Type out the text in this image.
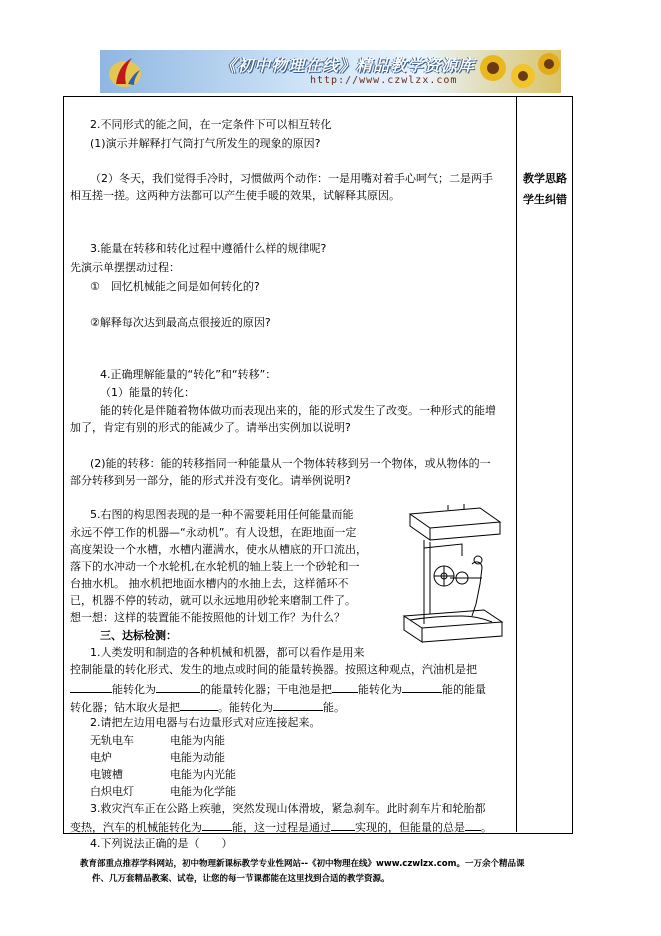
《初中物理在线》精品教学资源库
http://www.czwlzx.com
教学思路
学生纠错
2.不同形式的能之间，在一定条件下可以相互转化
(1)演示并解释打气筒打气所发生的现象的原因?
（2）冬天，我们觉得手冷时，习惯做两个动作：一是用嘴对着手心呵气；二是两手
相互搓一搓。这两种方法都可以产生使手暖的效果，试解释其原因。
3.能量在转移和转化过程中遵循什么样的规律呢?
先演示单摆摆动过程：
①　回忆机械能之间是如何转化的?
②解释每次达到最高点很接近的原因?
4.正确理解能量的“转化”和“转移”：
（1）能量的转化：
能的转化是伴随着物体做功而表现出来的，能的形式发生了改变。一种形式的能增
加了，肯定有别的形式的能减少了。请举出实例加以说明?
(2)能的转移：能的转移指同一种能量从一个物体转移到另一个物体，或从物体的一
部分转移到另一部分，能的形式并没有变化。请举例说明?
5.右图的构思图表现的是一种不需要耗用任何能量而能
永远不停工作的机器—“永动机”。有人设想，在距地面一定
高度架设一个水槽，水槽内灌满水，使水从槽底的开口流出，
落下的水冲动一个水轮机,在水轮机的轴上装上一个砂轮和一
台抽水机。 抽水机把地面水槽内的水抽上去，这样循环不
已，机器不停的转动，就可以永远地用砂轮来磨制工件了。
想一想：这样的装置能不能按照他的计划工作？为什么？
三、达标检测：
1.人类发明和制造的各种机械和机器，都可以看作是用来
控制能量的转化形式、发生的地点或时间的能量转换器。按照这种观点，汽油机是把
能转化为	的能量转化器；干电池是把 能转化为	能的能量
转化器；钻木取火是把	。能转化为	能。
2.请把左边用电器与右边量形式对应连接起来。
无轨电车	电能为内能
电炉	电能为动能
电镀槽	电能为内光能
白炽电灯	电能为化学能
3.救灾汽车正在公路上疾驰，突然发现山体滑坡，紧急刹车。此时刹车片和轮胎都
变热，汽车的机械能转化为	能，这一过程是通过 实现的，但能量的总是 。
4.下列说法正确的是（　　）
教育部重点推荐学科网站，初中物理新课标教学专业性网站--《初中物理在线》www.czwlzx.com。一万余个精品课
件、几万套精品教案、试卷，让您的每一节课都能在这里找到合适的教学资源。
